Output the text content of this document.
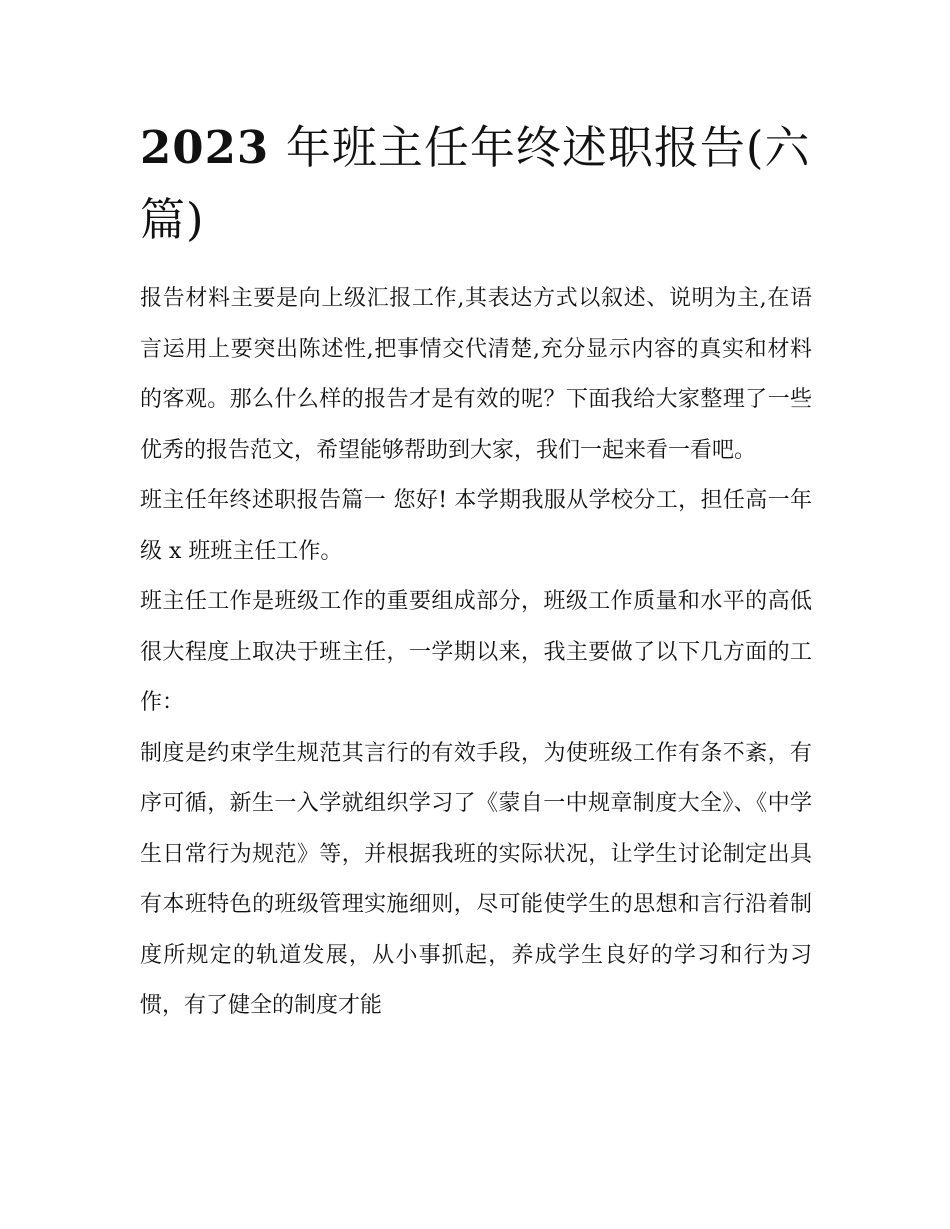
2023 年班主任年终述职报告(六篇)

报告材料主要是向上级汇报工作,其表达方式以叙述、说明为主,在语言运用上要突出陈述性,把事情交代清楚,充分显示内容的真实和材料的客观。那么什么样的报告才是有效的呢？下面我给大家整理了一些优秀的报告范文，希望能够帮助到大家，我们一起来看一看吧。

班主任年终述职报告篇一 您好! 本学期我服从学校分工，担任高一年级 x 班班主任工作。

班主任工作是班级工作的重要组成部分，班级工作质量和水平的高低很大程度上取决于班主任，一学期以来，我主要做了以下几方面的工作：

制度是约束学生规范其言行的有效手段，为使班级工作有条不紊，有序可循，新生一入学就组织学习了《蒙自一中规章制度大全》、《中学生日常行为规范》等，并根据我班的实际状况，让学生讨论制定出具有本班特色的班级管理实施细则，尽可能使学生的思想和言行沿着制度所规定的轨道发展，从小事抓起，养成学生良好的学习和行为习惯，有了健全的制度才能
